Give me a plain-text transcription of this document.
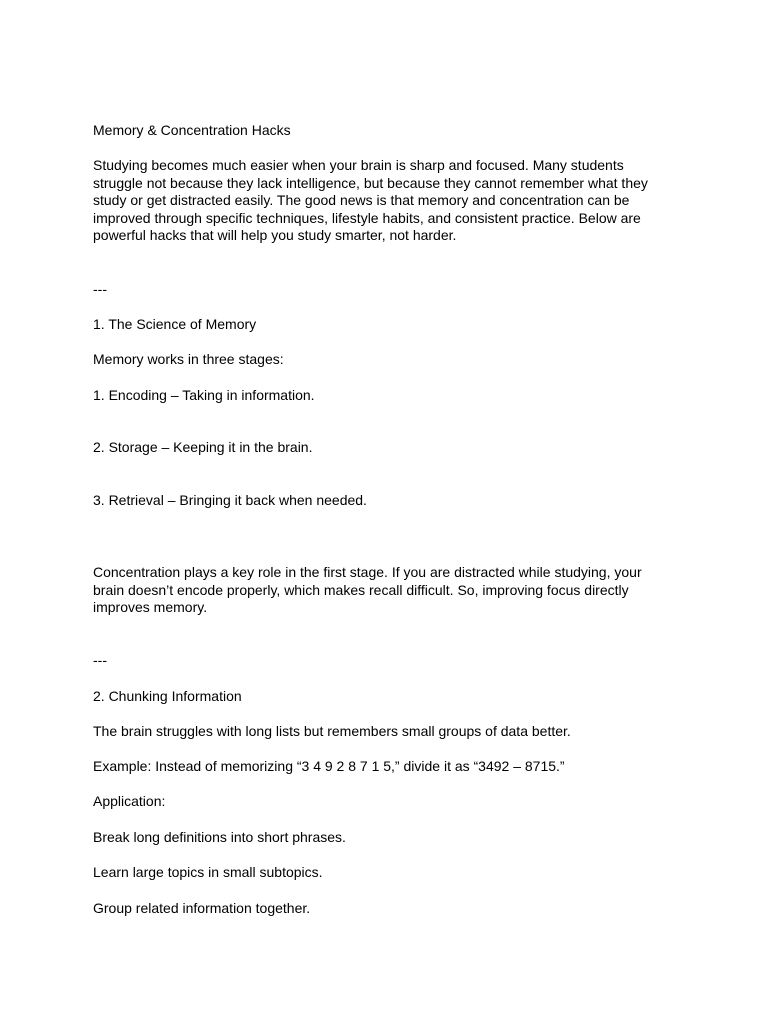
Memory & Concentration Hacks

Studying becomes much easier when your brain is sharp and focused. Many students
struggle not because they lack intelligence, but because they cannot remember what they
study or get distracted easily. The good news is that memory and concentration can be
improved through specific techniques, lifestyle habits, and consistent practice. Below are
powerful hacks that will help you study smarter, not harder.

---

1. The Science of Memory

Memory works in three stages:

1. Encoding – Taking in information.

2. Storage – Keeping it in the brain.

3. Retrieval – Bringing it back when needed.

Concentration plays a key role in the first stage. If you are distracted while studying, your
brain doesn’t encode properly, which makes recall difficult. So, improving focus directly
improves memory.

---

2. Chunking Information

The brain struggles with long lists but remembers small groups of data better.

Example: Instead of memorizing “3 4 9 2 8 7 1 5,” divide it as “3492 – 8715.”

Application:

Break long definitions into short phrases.

Learn large topics in small subtopics.

Group related information together.
